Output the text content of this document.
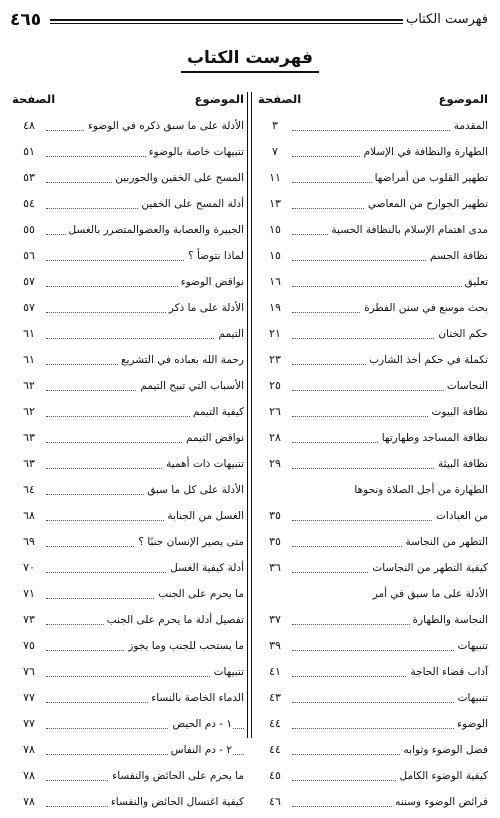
فهرست الكتاب
٤٦٥
فهرست الكتاب
الموضوع
الصفحة
المقدمة
٣
الطهارة والنظافة في الإسلام
٧
تطهير القلوب من أمراضها
١١
تطهير الجوارح من المعاصي
١٣
مدى اهتمام الإسلام بالنظافة الحسية
١٥
نظافة الجسم
١٥
تعليق
١٦
بحث موسع في سنن الفطرة
١٩
حكم الختان
٢١
تكملة في حكم أخذ الشارب
٢٣
النجاسات
٢٥
نظافة البيوت
٢٦
نظافة المساجد وطهارتها
٢٨
نظافة البيئة
٢٩
الطهارة من أجل الصلاة ونحوها
من العبادات
٣٥
التطهر من النجاسة
٣٥
كيفية التطهر من النجاسات
٣٦
الأدلة على ما سبق في أمر
النجاسة والطهارة
٣٧
تنبيهات
٣٩
آداب قضاء الحاجة
٤١
تنبيهات
٤٣
الوضوء
٤٤
فضل الوضوء وثوابه
٤٤
كيفية الوضوء الكامل
٤٥
فرائض الوضوء وسننه
٤٦
الموضوع
الصفحة
الأدلة على ما سبق ذكره في الوضوء
٤٨
تنبيهات خاصة بالوضوء
٥١
المسح على الخفين والجوربين
٥٣
أدلة المسح على الخفين
٥٤
الجبيرة والعصابة والعضوالمتضرر بالغسل
٥٥
لماذا نتوضأ ؟
٥٦
نواقض الوضوء
٥٧
الأدلة على ما ذكر
٥٧
التيمم
٦١
رحمة الله بعباده في التشريع
٦١
الأسباب التي تبيح التيمم
٦٢
كيفية التيمم
٦٢
نواقض التيمم
٦٣
تنبيهات ذات أهمية
٦٣
الأدلة على كل ما سبق
٦٤
الغسل من الجنابة
٦٨
متى يصير الإنسان جنبًا ؟
٦٩
أدلة كيفية الغسل
٧٠
ما يحرم على الجنب
٧١
تفصيل أدلة ما يحرم على الجنب
٧٣
ما يستحب للجنب وما يجوز
٧٥
تنبيهات
٧٦
الدماء الخاصة بالنساء
٧٧
١ - دم الحيض
٧٧
٢ - دم النفاس
٧٨
ما يحرم على الحائض والنفساء
٧٨
كيفية اغتسال الحائض والنفساء
٧٨
